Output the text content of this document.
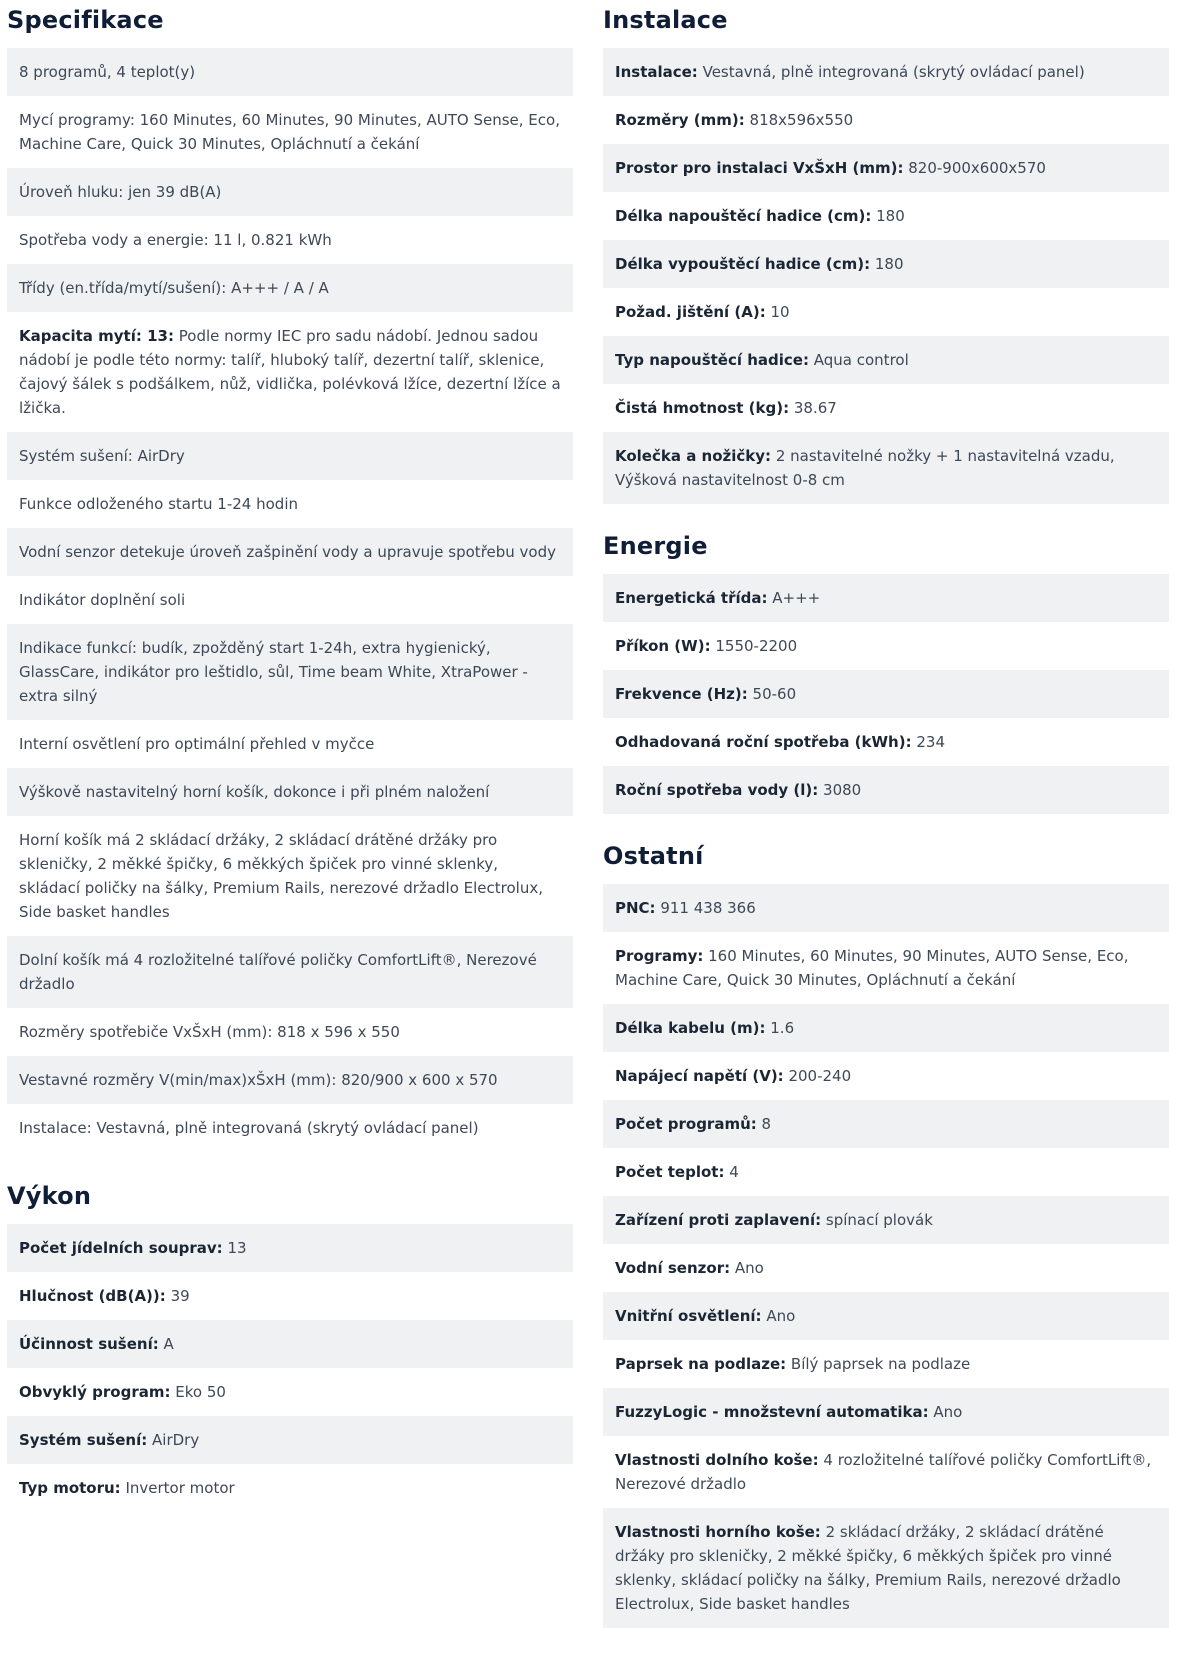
Specifikace
8 programů, 4 teplot(y)
Mycí programy: 160 Minutes, 60 Minutes, 90 Minutes, AUTO Sense, Eco, Machine Care, Quick 30 Minutes, Opláchnutí a čekání
Úroveň hluku: jen 39 dB(A)
Spotřeba vody a energie: 11 l, 0.821 kWh
Třídy (en.třída/mytí/sušení): A+++ / A / A
Kapacita mytí: 13: Podle normy IEC pro sadu nádobí. Jednou sadou nádobí je podle této normy: talíř, hluboký talíř, dezertní talíř, sklenice, čajový šálek s podšálkem, nůž, vidlička, polévková lžíce, dezertní lžíce a lžička.
Systém sušení: AirDry
Funkce odloženého startu 1-24 hodin
Vodní senzor detekuje úroveň zašpinění vody a upravuje spotřebu vody
Indikátor doplnění soli
Indikace funkcí: budík, zpožděný start 1-24h, extra hygienický, GlassCare, indikátor pro leštidlo, sůl, Time beam White, XtraPower - extra silný
Interní osvětlení pro optimální přehled v myčce
Výškově nastavitelný horní košík, dokonce i při plném naložení
Horní košík má 2 skládací držáky, 2 skládací drátěné držáky pro skleničky, 2 měkké špičky, 6 měkkých špiček pro vinné sklenky, skládací poličky na šálky, Premium Rails, nerezové držadlo Electrolux, Side basket handles
Dolní košík má 4 rozložitelné talířové poličky ComfortLift®, Nerezové držadlo
Rozměry spotřebiče VxŠxH (mm): 818 x 596 x 550
Vestavné rozměry V(min/max)xŠxH (mm): 820/900 x 600 x 570
Instalace: Vestavná, plně integrovaná (skrytý ovládací panel)
Výkon
Počet jídelních souprav: 13
Hlučnost (dB(A)): 39
Účinnost sušení: A
Obvyklý program: Eko 50
Systém sušení: AirDry
Typ motoru: Invertor motor
Instalace
Instalace: Vestavná, plně integrovaná (skrytý ovládací panel)
Rozměry (mm): 818x596x550
Prostor pro instalaci VxŠxH (mm): 820-900x600x570
Délka napouštěcí hadice (cm): 180
Délka vypouštěcí hadice (cm): 180
Požad. jištění (A): 10
Typ napouštěcí hadice: Aqua control
Čistá hmotnost (kg): 38.67
Kolečka a nožičky: 2 nastavitelné nožky + 1 nastavitelná vzadu, Výšková nastavitelnost 0-8 cm
Energie
Energetická třída: A+++
Příkon (W): 1550-2200
Frekvence (Hz): 50-60
Odhadovaná roční spotřeba (kWh): 234
Roční spotřeba vody (l): 3080
Ostatní
PNC: 911 438 366
Programy: 160 Minutes, 60 Minutes, 90 Minutes, AUTO Sense, Eco, Machine Care, Quick 30 Minutes, Opláchnutí a čekání
Délka kabelu (m): 1.6
Napájecí napětí (V): 200-240
Počet programů: 8
Počet teplot: 4
Zařízení proti zaplavení: spínací plovák
Vodní senzor: Ano
Vnitřní osvětlení: Ano
Paprsek na podlaze: Bílý paprsek na podlaze
FuzzyLogic - množstevní automatika: Ano
Vlastnosti dolního koše: 4 rozložitelné talířové poličky ComfortLift®, Nerezové držadlo
Vlastnosti horního koše: 2 skládací držáky, 2 skládací drátěné držáky pro skleničky, 2 měkké špičky, 6 měkkých špiček pro vinné sklenky, skládací poličky na šálky, Premium Rails, nerezové držadlo Electrolux, Side basket handles
